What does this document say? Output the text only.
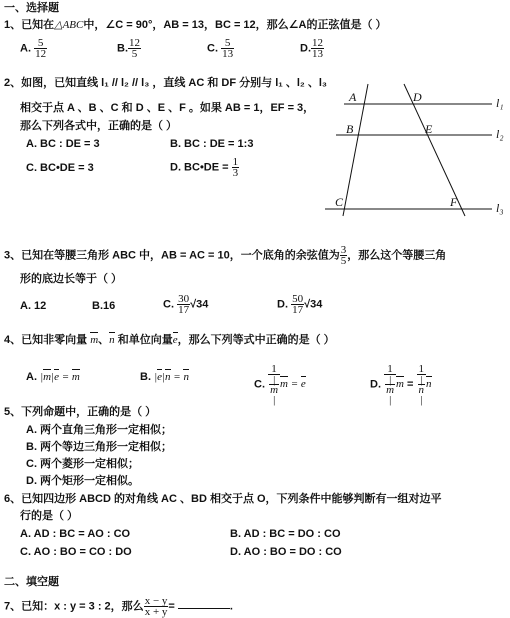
一、选择题
1、已知在△ABC中，∠C = 90°，AB = 13，BC = 12，那么∠A的正弦值是（ ）
A. $\frac{5}{12}$	B. $\frac{12}{5}$	C. $\frac{5}{13}$	D. $\frac{12}{13}$
2、如图，已知直线 l₁ // l₂ // l₃ ，直线 AC 和 DF 分别与 l₁ 、l₂ 、l₃
相交于点 A 、B 、C 和 D 、E 、F 。如果 AB = 1，EF = 3，
那么下列各式中，正确的是（ ）
A. BC : DE = 3	B. BC : DE = 1:3
C. BC•DE = 3	D. BC•DE = $\frac{1}{3}$
A	D
B	E
C	F
l₁
l₂
l₃
3、已知在等腰三角形 ABC 中，AB = AC = 10，一个底角的余弦值为 $\frac{3}{5}$ ，那么这个等腰三角
形的底边长等于（ ）
A. 12	B.16	C. $\frac{30}{17} √34$	D. $\frac{50}{17} √34$
4、已知非零向量 m、n 和单位向量e，那么下列等式中正确的是（ ）
A. |m|e = m	B. |e|n = n
C. 1
|
m
| m = e	D. 1
|
m
| m = 1
|
n
| n
5、下列命题中，正确的是（ ）
A. 两个直角三角形一定相似；
B. 两个等边三角形一定相似；
C. 两个菱形一定相似；
D. 两个矩形一定相似。
6、已知四边形 ABCD 的对角线 AC 、BD 相交于点 O，下列条件中能够判断有一组对边平
行的是（ ）
A. AD : BC = AO : CO	B. AD : BC = DO : CO
C. AO : BO = CO : DO	D. AO : BO = DO : CO
二、填空题
7、已知：x : y = 3 : 2，那么 $\frac{x - y}{x + y}$ =	.
